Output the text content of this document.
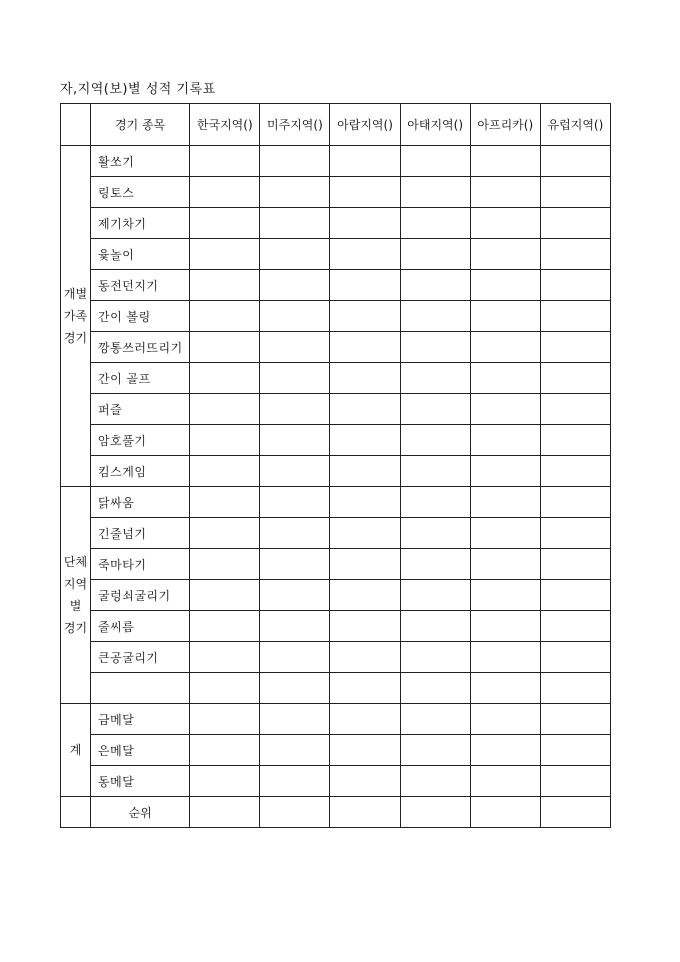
자,지역(보)별 성적 기록표
	경기 종목	한국지역()	미주지역()	아랍지역()	아태지역()	아프리카()	유럽지역()

개별
가족
경기	활쏘기						
	링토스						
	제기차기						
	윷놀이						
	동전던지기						
	간이 볼링						
	깡통쓰러뜨리기						
	간이 골프						
	퍼즐						
	암호풀기						
	킴스게임						

단체
지역
별
경기	닭싸움						
	긴줄넘기						
	죽마타기						
	굴렁쇠굴리기						
	줄씨름						
	큰공굴리기						

계	금메달						
	은메달						
	동메달						
	순위						
